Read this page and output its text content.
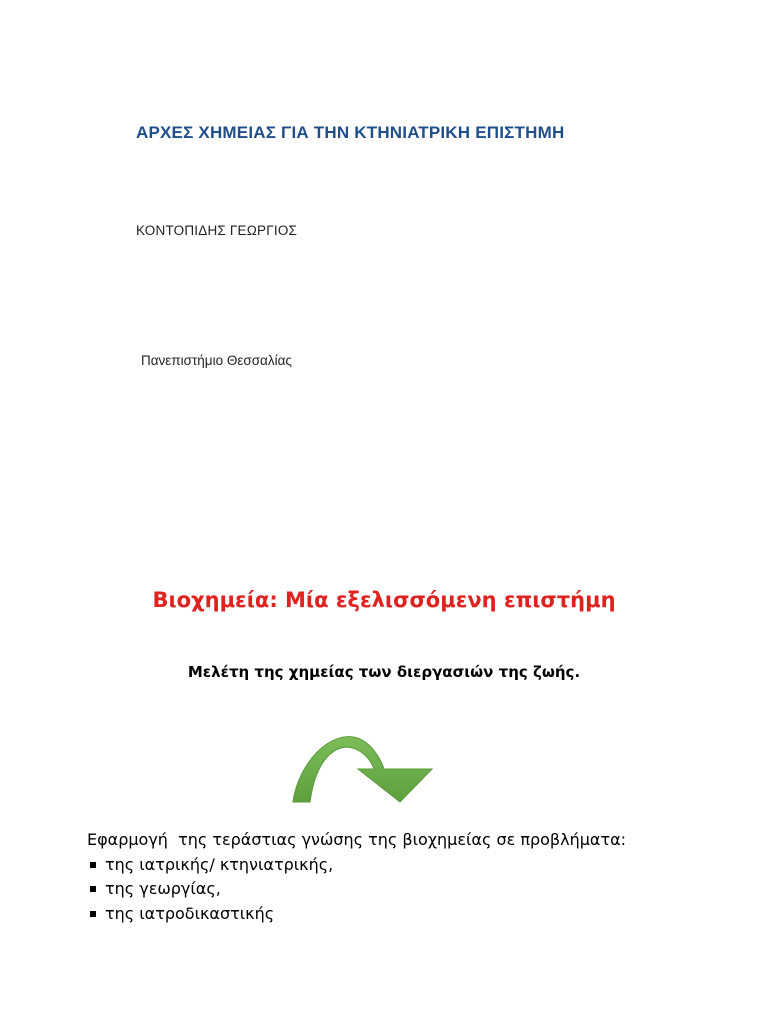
ΑΡΧΕΣ ΧΗΜΕΙΑΣ ΓΙΑ ΤΗΝ ΚΤΗΝΙΑΤΡΙΚΗ ΕΠΙΣΤΗΜΗ

ΚΟΝΤΟΠΙΔΗΣ ΓΕΩΡΓΙΟΣ

Πανεπιστήμιο Θεσσαλίας

Βιοχημεία: Μία εξελισσόμενη επιστήμη

Μελέτη της χημείας των διεργασιών της ζωής.

Εφαρμογή  της τεράστιας γνώσης της βιοχημείας σε προβλήματα:
της ιατρικής/ κτηνιατρικής,
της γεωργίας,
της ιατροδικαστικής
